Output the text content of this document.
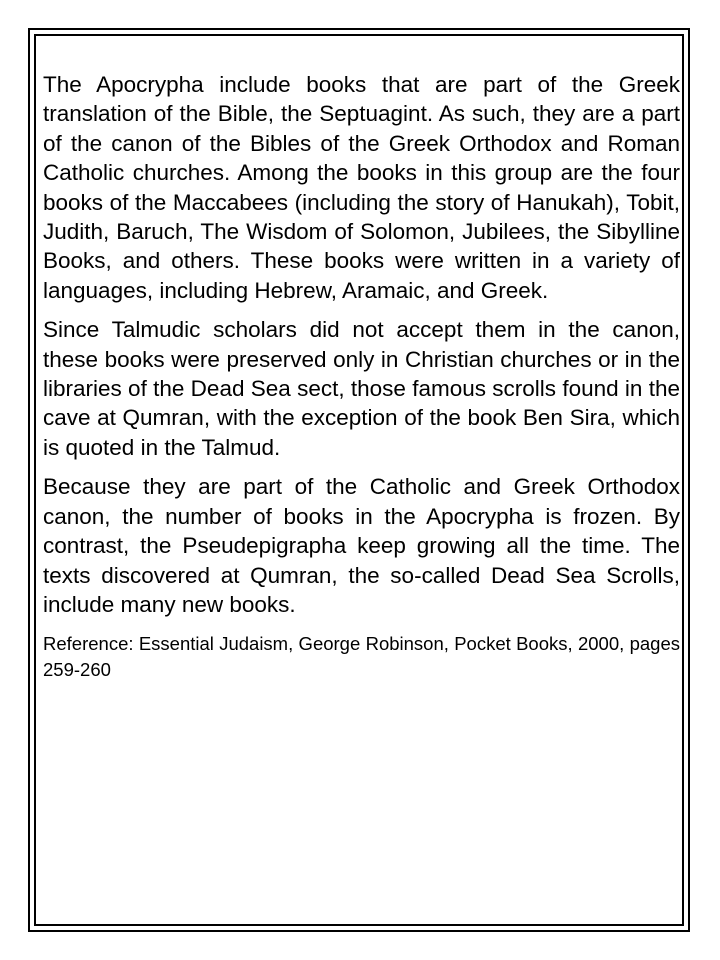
The Apocrypha include books that are part of the Greek translation of the Bible, the Septuagint. As such, they are a part of the canon of the Bibles of the Greek Orthodox and Roman Catholic churches. Among the books in this group are the four books of the Maccabees (including the story of Hanukah), Tobit, Judith, Baruch, The Wisdom of Solomon, Jubilees, the Sibylline Books, and others. These books were written in a variety of languages, including Hebrew, Aramaic, and Greek.

Since Talmudic scholars did not accept them in the canon, these books were preserved only in Christian churches or in the libraries of the Dead Sea sect, those famous scrolls found in the cave at Qumran, with the exception of the book Ben Sira, which is quoted in the Talmud.

Because they are part of the Catholic and Greek Orthodox canon, the number of books in the Apocrypha is frozen. By contrast, the Pseudepigrapha keep growing all the time. The texts discovered at Qumran, the so-called Dead Sea Scrolls, include many new books.

Reference: Essential Judaism, George Robinson, Pocket Books, 2000, pages 259-260
